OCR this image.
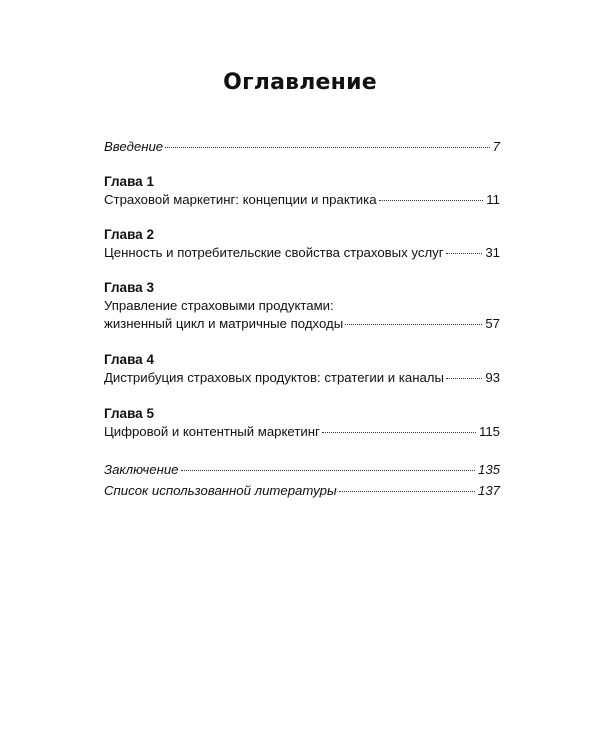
Оглавление
Введение	7
Глава 1
Страховой маркетинг: концепции и практика	11
Глава 2
Ценность и потребительские свойства страховых услуг	31
Глава 3
Управление страховыми продуктами:
жизненный цикл и матричные подходы	57
Глава 4
Дистрибуция страховых продуктов: стратегии и каналы	93
Глава 5
Цифровой и контентный маркетинг	115
Заключение	135
Список использованной литературы	137
